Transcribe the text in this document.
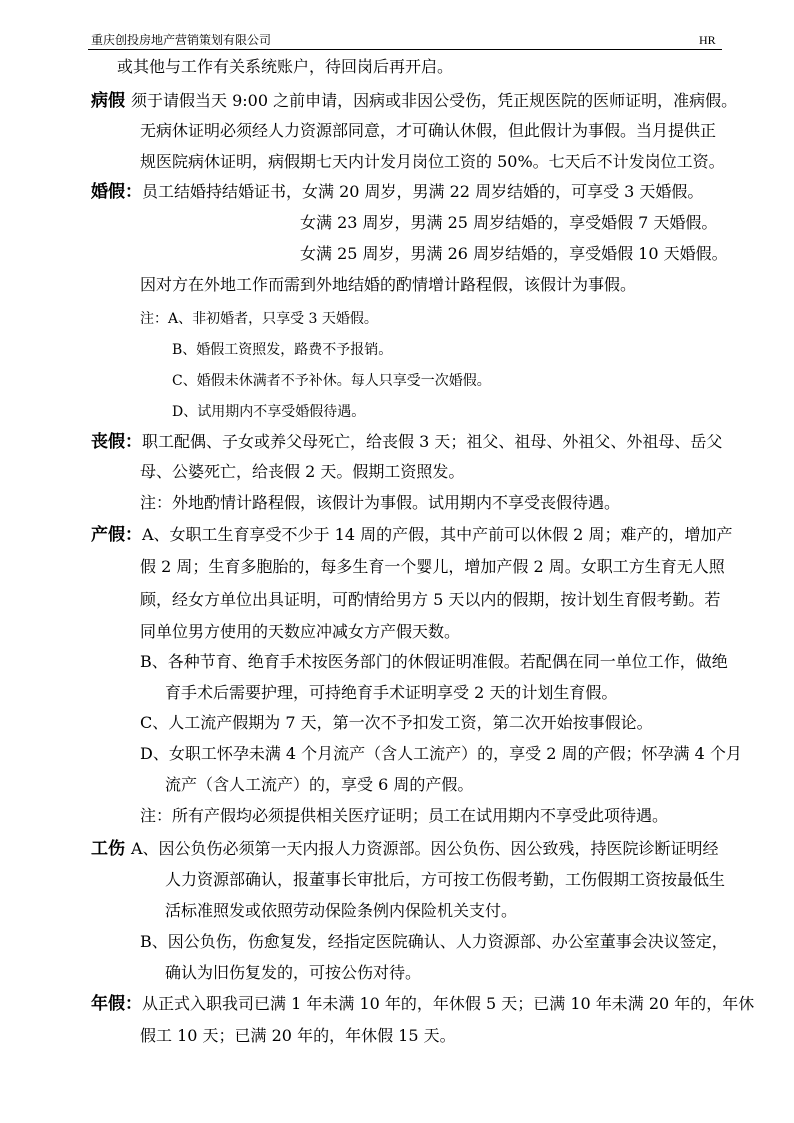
重庆创投房地产营销策划有限公司	HR
或其他与工作有关系统账户，待回岗后再开启。
病假 须于请假当天 9:00 之前申请，因病或非因公受伤，凭正规医院的医师证明，准病假。
无病休证明必须经人力资源部同意，才可确认休假，但此假计为事假。当月提供正
规医院病休证明，病假期七天内计发月岗位工资的 50%。七天后不计发岗位工资。
婚假：员工结婚持结婚证书，女满 20 周岁，男满 22 周岁结婚的，可享受 3 天婚假。
女满 23 周岁，男满 25 周岁结婚的，享受婚假 7 天婚假。
女满 25 周岁，男满 26 周岁结婚的，享受婚假 10 天婚假。
因对方在外地工作而需到外地结婚的酌情增计路程假，该假计为事假。
注：A、非初婚者，只享受 3 天婚假。
B、婚假工资照发，路费不予报销。
C、婚假未休满者不予补休。每人只享受一次婚假。
D、试用期内不享受婚假待遇。
丧假：职工配偶、子女或养父母死亡，给丧假 3 天；祖父、祖母、外祖父、外祖母、岳父
母、公婆死亡，给丧假 2 天。假期工资照发。
注：外地酌情计路程假，该假计为事假。试用期内不享受丧假待遇。
产假：A、女职工生育享受不少于 14 周的产假，其中产前可以休假 2 周；难产的，增加产
假 2 周；生育多胞胎的，每多生育一个婴儿，增加产假 2 周。女职工方生育无人照
顾，经女方单位出具证明，可酌情给男方 5 天以内的假期，按计划生育假考勤。若
同单位男方使用的天数应冲减女方产假天数。
B、各种节育、绝育手术按医务部门的休假证明准假。若配偶在同一单位工作，做绝
育手术后需要护理，可持绝育手术证明享受 2 天的计划生育假。
C、人工流产假期为 7 天，第一次不予扣发工资，第二次开始按事假论。
D、女职工怀孕未满 4 个月流产（含人工流产）的，享受 2 周的产假；怀孕满 4 个月
流产（含人工流产）的，享受 6 周的产假。
注：所有产假均必须提供相关医疗证明；员工在试用期内不享受此项待遇。
工伤 A、因公负伤必须第一天内报人力资源部。因公负伤、因公致残，持医院诊断证明经
人力资源部确认，报董事长审批后，方可按工伤假考勤，工伤假期工资按最低生
活标准照发或依照劳动保险条例内保险机关支付。
B、因公负伤，伤愈复发，经指定医院确认、人力资源部、办公室董事会决议签定，
确认为旧伤复发的，可按公伤对待。
年假：从正式入职我司已满 1 年未满 10 年的，年休假 5 天；已满 10 年未满 20 年的，年休
假工 10 天；已满 20 年的，年休假 15 天。
